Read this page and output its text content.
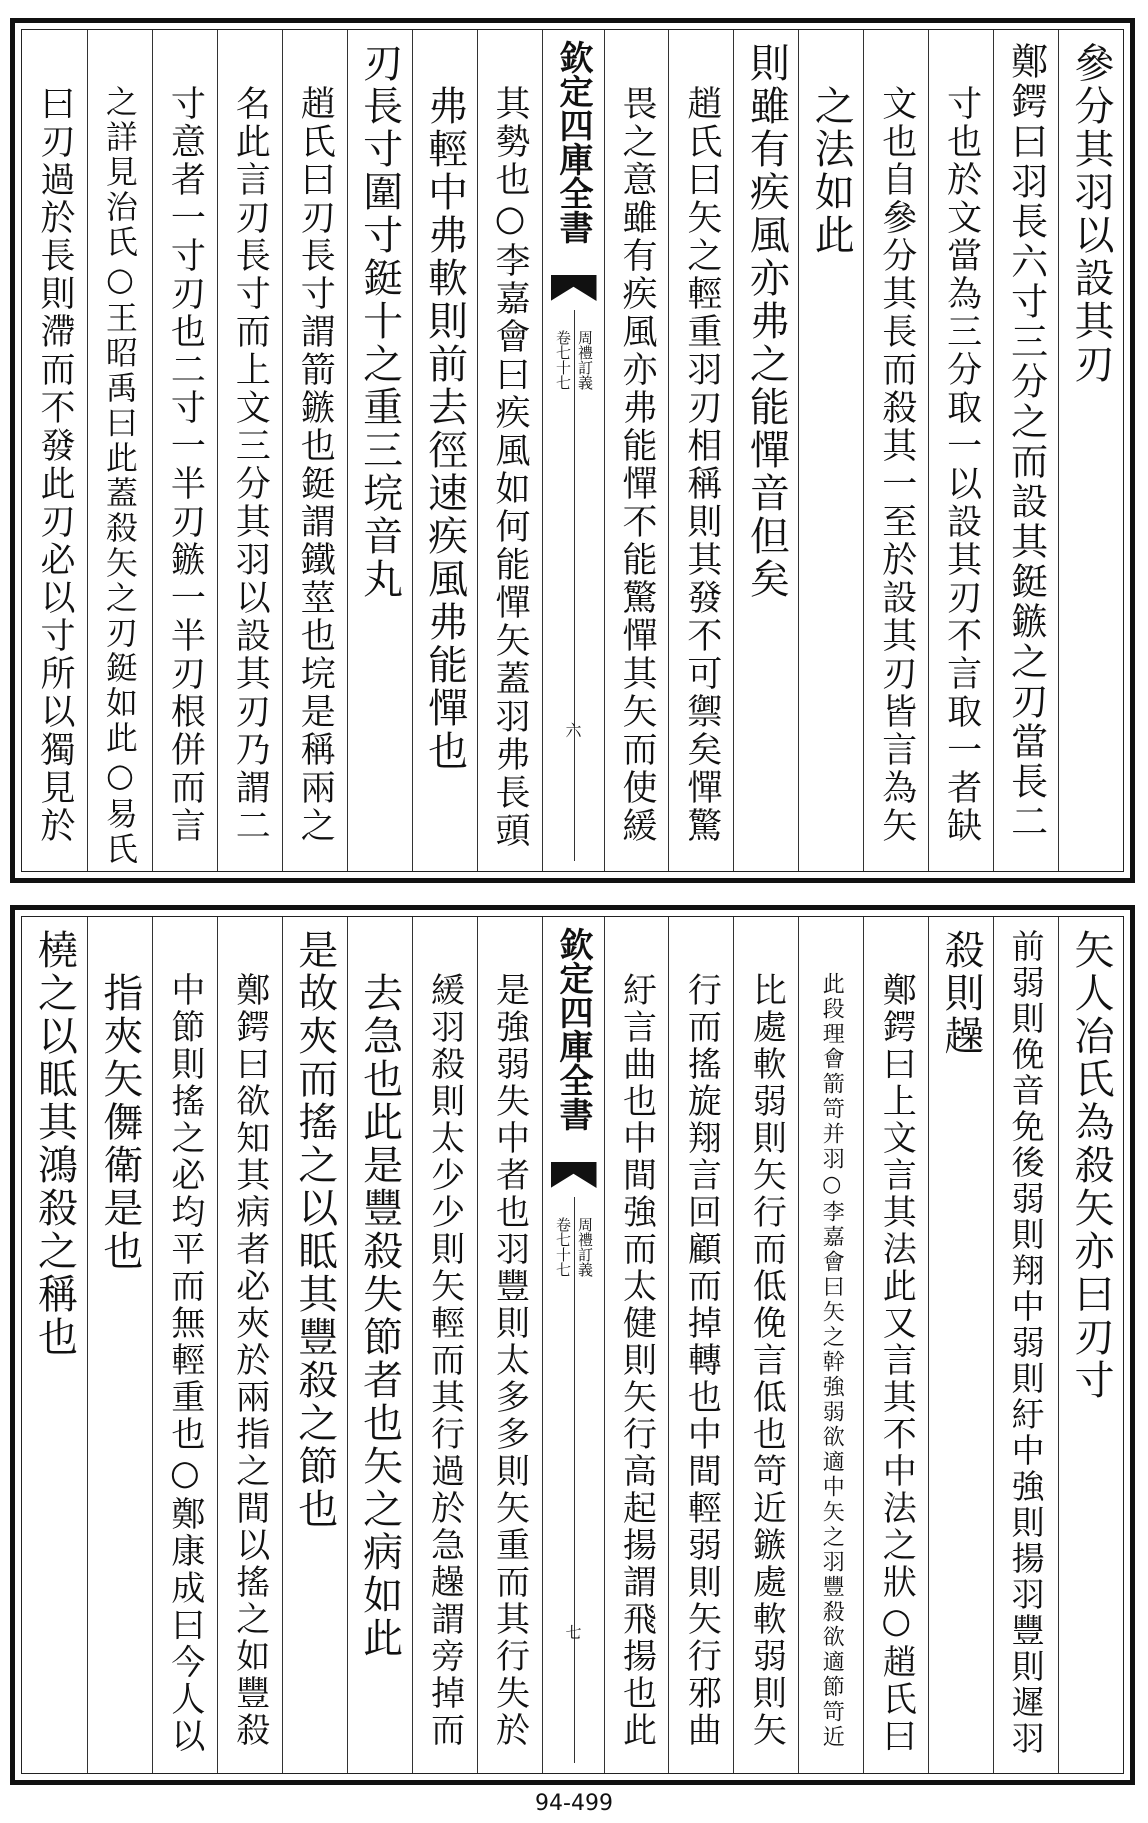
參分其羽以設其刃
鄭鍔曰羽長六寸三分之而設其鋌鏃之刃當長二
寸也於文當為三分取一以設其刃不言取一者缺
文也自參分其長而殺其一至於設其刃皆言為矢
之法如此
則雖有疾風亦弗之能憚音但矣
趙氏曰矢之輕重羽刃相稱則其發不可禦矣憚驚
畏之意雖有疾風亦弗能憚不能驚憚其矢而使緩
欽定四庫全書
周禮訂義
卷七十七
六
其勢也○李嘉會曰疾風如何能憚矢蓋羽弗長頭
弗輕中弗軟則前去徑速疾風弗能憚也
刃長寸圍寸鋌十之重三垸音丸
趙氏曰刃長寸謂箭鏃也鋌謂鐵莖也垸是稱兩之
名此言刃長寸而上文三分其羽以設其刃乃謂二
寸意者一寸刃也二寸一半刃鏃一半刃根併而言
之詳見治氏○王昭禹曰此蓋殺矢之刃鋌如此○易氏
曰刃過於長則滯而不發此刃必以寸所以獨見於
矢人冶氏為殺矢亦曰刃寸
前弱則俛音免後弱則翔中弱則紆中強則揚羽豐則遲羽
殺則趮
鄭鍔曰上文言其法此又言其不中法之狀○趙氏曰
此段理會箭笴并羽○李嘉會曰矢之幹強弱欲適中矢之羽豐殺欲適節笴近
比處軟弱則矢行而低俛言低也笴近鏃處軟弱則矢
行而搖旋翔言回顧而掉轉也中間輕弱則矢行邪曲
紆言曲也中間強而太健則矢行高起揚謂飛揚也此
欽定四庫全書
周禮訂義
卷七十七
七
是強弱失中者也羽豐則太多多則矢重而其行失於
緩羽殺則太少少則矢輕而其行過於急趮謂旁掉而
去急也此是豐殺失節者也矢之病如此
是故夾而搖之以眡其豐殺之節也
鄭鍔曰欲知其病者必夾於兩指之間以搖之如豐殺
中節則搖之必均平而無輕重也○鄭康成曰今人以
指夾矢儛衛是也
橈之以眡其鴻殺之稱也
94-499
